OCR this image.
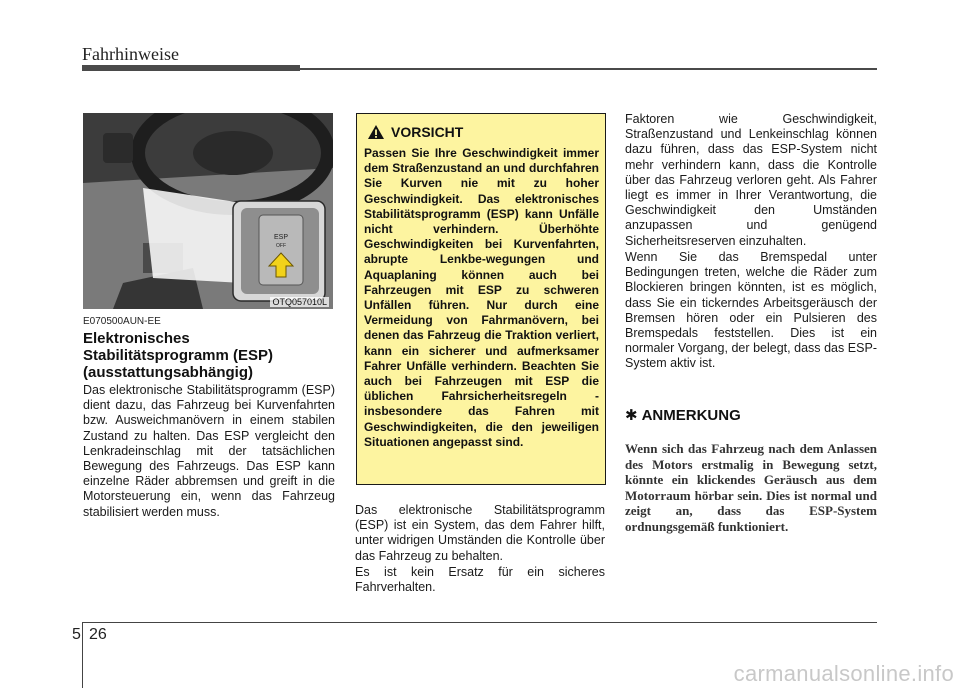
Fahrhinweise
ESP
OFF
OTQ057010L
E070500AUN-EE
Elektronisches
Stabilitätsprogramm (ESP)
(ausstattungsabhängig)

Das elektronische Stabilitätsprogramm (ESP) dient dazu, das Fahrzeug bei Kurvenfahrten bzw. Ausweichmanövern in einem stabilen Zustand zu halten. Das ESP vergleicht den Lenkradeinschlag mit der tatsächlichen Bewegung des Fahrzeugs. Das ESP kann einzelne Räder abbremsen und greift in die Motorsteuerung ein, wenn das Fahrzeug stabilisiert werden muss.

VORSICHT
Passen Sie Ihre Geschwindigkeit immer dem Straßenzustand an und durchfahren Sie Kurven nie mit zu hoher Geschwindigkeit. Das elektronisches Stabilitätsprogramm (ESP) kann Unfälle nicht verhindern. Überhöhte Geschwindigkeiten bei Kurvenfahrten, abrupte Lenkbe-wegungen und Aquaplaning können auch bei Fahrzeugen mit ESP zu schweren Unfällen führen. Nur durch eine Vermeidung von Fahrmanövern, bei denen das Fahrzeug die Traktion verliert, kann ein sicherer und aufmerksamer Fahrer Unfälle verhindern. Beachten Sie auch bei Fahrzeugen mit ESP die üblichen Fahrsicherheitsregeln - insbesondere das Fahren mit Geschwindigkeiten, die den jeweiligen Situationen angepasst sind.

Das elektronische Stabilitätsprogramm (ESP) ist ein System, das dem Fahrer hilft, unter widrigen Umständen die Kontrolle über das Fahrzeug zu behalten.

Es ist kein Ersatz für ein sicheres Fahrverhalten.

Faktoren wie Geschwindigkeit, Straßenzustand und Lenkeinschlag können dazu führen, dass das ESP-System nicht mehr verhindern kann, dass die Kontrolle über das Fahrzeug verloren geht. Als Fahrer liegt es immer in Ihrer Verantwortung, die Geschwindigkeit den Umständen anzupassen und genügend Sicherheitsreserven einzuhalten.

Wenn Sie das Bremspedal unter Bedingungen treten, welche die Räder zum Blockieren bringen könnten, ist es möglich, dass Sie ein tickerndes Arbeitsgeräusch der Bremsen hören oder ein Pulsieren des Bremspedals feststellen. Dies ist ein normaler Vorgang, der belegt, dass das ESP-System aktiv ist.

✱ ANMERKUNG

Wenn sich das Fahrzeug nach dem Anlassen des Motors erstmalig in Bewegung setzt, könnte ein klickendes Geräusch aus dem Motorraum hörbar sein. Dies ist normal und zeigt an, dass das ESP-System ordnungsgemäß funktioniert.

5 26
carmanualsonline.info
